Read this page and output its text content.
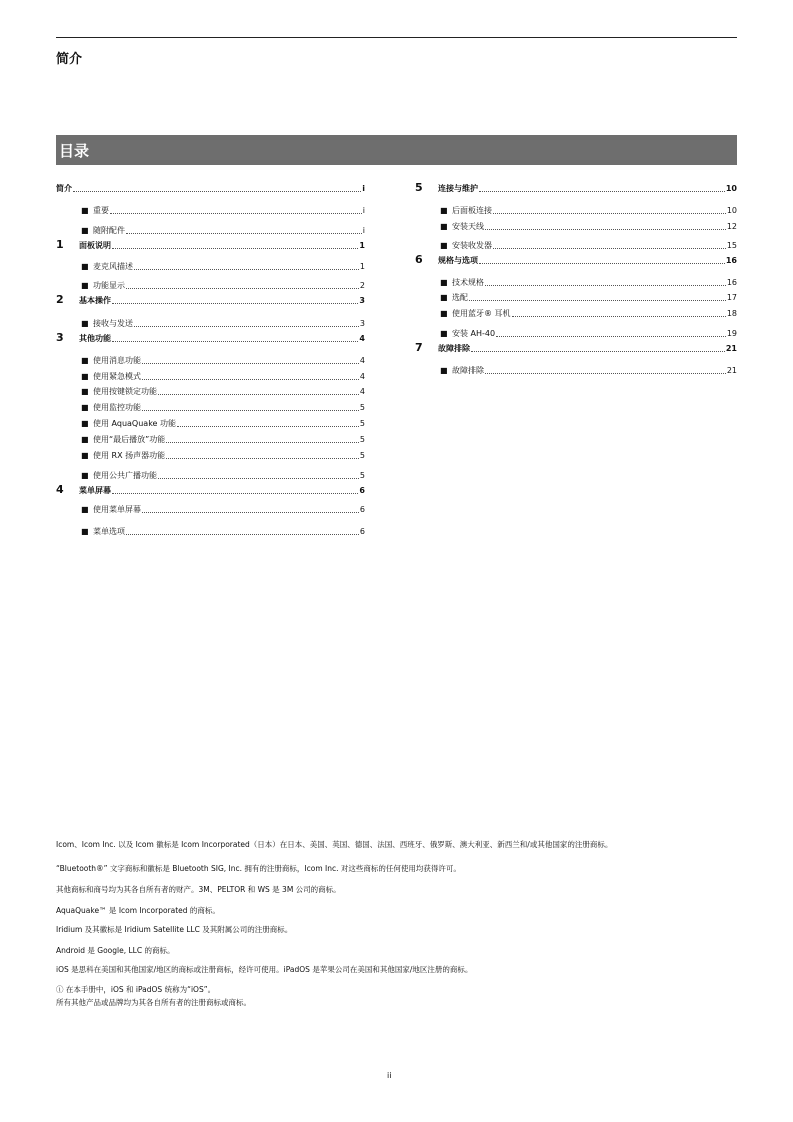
简介
目录
简介	i
■ 重要	i
■ 随附配件	i
1	面板说明	1
■ 麦克风描述	1
■ 功能显示	2
2	基本操作	3
■ 接收与发送	3
3	其他功能	4
■ 使用消息功能	4
■ 使用紧急模式	4
■ 使用按键锁定功能	4
■ 使用监控功能	5
■ 使用 AquaQuake 功能	5
■ 使用“最后播放”功能	5
■ 使用 RX 扬声器功能	5
■ 使用公共广播功能	5
4	菜单屏幕	6
■ 使用菜单屏幕	6
■ 菜单选项	6
5	连接与维护	10
■ 后面板连接	10
■ 安装天线	12
■ 安装收发器	15
6	规格与选项	16
■ 技术规格	16
■ 选配	17
■ 使用蓝牙® 耳机	18
■ 安装 AH-40	19
7	故障排除	21
■ 故障排除	21

Icom、Icom Inc. 以及 Icom 徽标是 Icom Incorporated（日本）在日本、美国、英国、德国、法国、西班牙、俄罗斯、澳大利亚、新西兰和/或其他国家的注册商标。

“Bluetooth®” 文字商标和徽标是 Bluetooth SIG, Inc. 拥有的注册商标，Icom Inc. 对这些商标的任何使用均获得许可。

其他商标和商号均为其各自所有者的财产。3M、PELTOR 和 WS 是 3M 公司的商标。

AquaQuake™ 是 Icom Incorporated 的商标。

Iridium 及其徽标是 Iridium Satellite LLC 及其附属公司的注册商标。

Android 是 Google, LLC 的商标。

iOS 是思科在美国和其他国家/地区的商标或注册商标，经许可使用。iPadOS 是苹果公司在美国和其他国家/地区注册的商标。

ⓘ 在本手册中，iOS 和 iPadOS 统称为“iOS”。

所有其他产品或品牌均为其各自所有者的注册商标或商标。

ii
